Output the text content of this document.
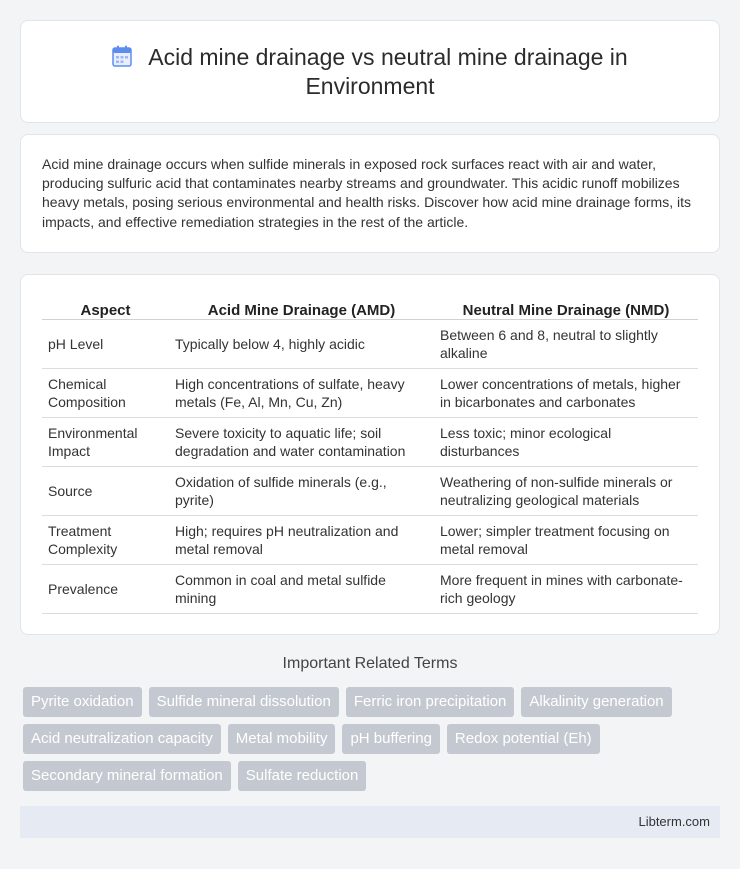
Acid mine drainage vs neutral mine drainage in Environment

Acid mine drainage occurs when sulfide minerals in exposed rock surfaces react with air and water, producing sulfuric acid that contaminates nearby streams and groundwater. This acidic runoff mobilizes heavy metals, posing serious environmental and health risks. Discover how acid mine drainage forms, its impacts, and effective remediation strategies in the rest of the article.

Aspect	Acid Mine Drainage (AMD)	Neutral Mine Drainage (NMD)
pH Level	Typically below 4, highly acidic	Between 6 and 8, neutral to slightly alkaline
Chemical Composition	High concentrations of sulfate, heavy metals (Fe, Al, Mn, Cu, Zn)	Lower concentrations of metals, higher in bicarbonates and carbonates
Environmental Impact	Severe toxicity to aquatic life; soil degradation and water contamination	Less toxic; minor ecological disturbances
Source	Oxidation of sulfide minerals (e.g., pyrite)	Weathering of non-sulfide minerals or neutralizing geological materials
Treatment Complexity	High; requires pH neutralization and metal removal	Lower; simpler treatment focusing on metal removal
Prevalence	Common in coal and metal sulfide mining	More frequent in mines with carbonate-rich geology
Important Related Terms
Pyrite oxidation	Sulfide mineral dissolution	Ferric iron precipitation	Alkalinity generation
Acid neutralization capacity	Metal mobility	pH buffering	Redox potential (Eh)
Secondary mineral formation	Sulfate reduction
Libterm.com
